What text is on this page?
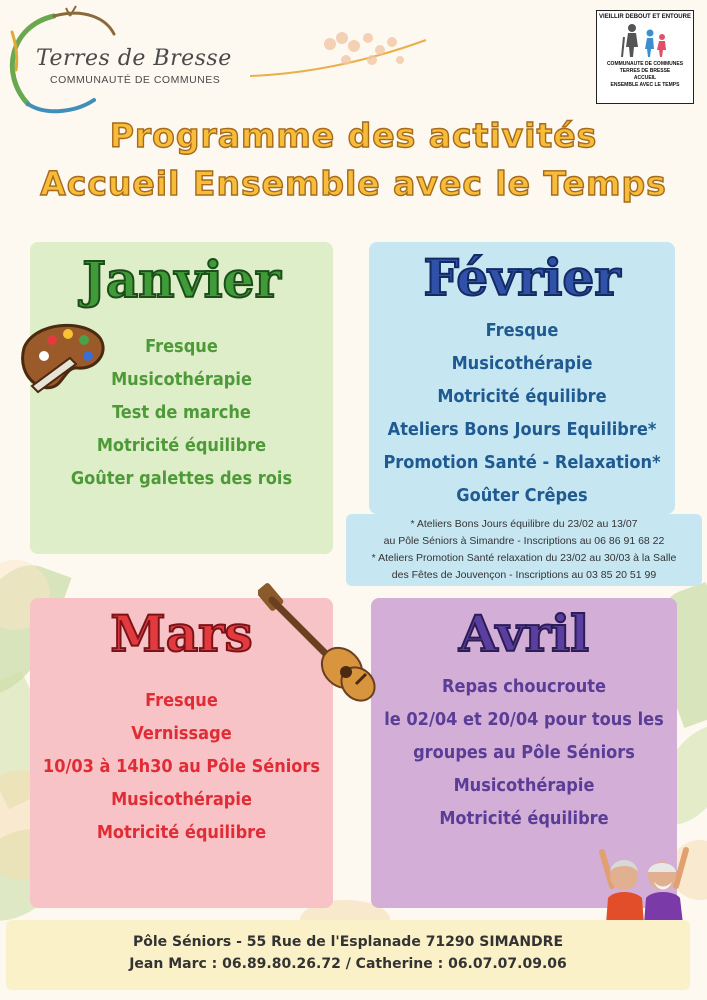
Terres de Bresse
COMMUNAUTÉ DE COMMUNES
VIEILLIR DEBOUT ET ENTOURE
COMMUNAUTE DE COMMUNES
TERRES DE BRESSE
ACCUEIL
ENSEMBLE AVEC LE TEMPS
Programme des activités
Accueil Ensemble avec le Temps
Janvier
Fresque
Musicothérapie
Test de marche
Motricité équilibre
Goûter galettes des rois
Février
Fresque
Musicothérapie
Motricité équilibre
Ateliers Bons Jours Equilibre*
Promotion Santé - Relaxation*
Goûter Crêpes
* Ateliers Bons Jours équilibre du 23/02 au 13/07
au Pôle Séniors à Simandre - Inscriptions au 06 86 91 68 22
* Ateliers Promotion Santé relaxation du 23/02 au 30/03 à la Salle
des Fêtes de Jouvençon - Inscriptions au 03 85 20 51 99
Mars
Fresque
Vernissage
10/03 à 14h30 au Pôle Séniors
Musicothérapie
Motricité équilibre
Avril
Repas choucroute
le 02/04 et 20/04 pour tous les
groupes au Pôle Séniors
Musicothérapie
Motricité équilibre
Pôle Séniors - 55 Rue de l'Esplanade 71290 SIMANDRE
Jean Marc : 06.89.80.26.72 / Catherine : 06.07.07.09.06
